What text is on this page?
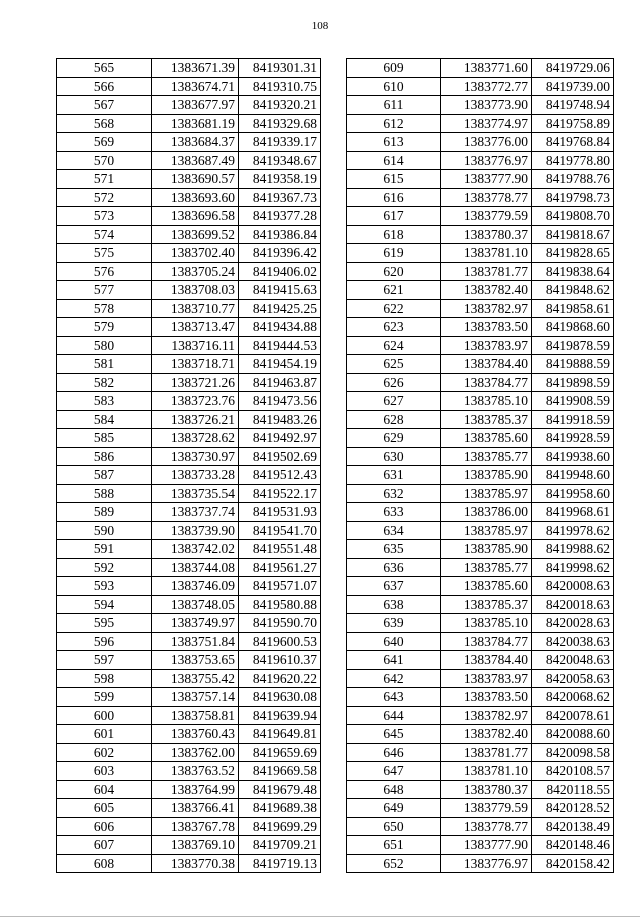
108
565	1383671.39	8419301.31
566	1383674.71	8419310.75
567	1383677.97	8419320.21
568	1383681.19	8419329.68
569	1383684.37	8419339.17
570	1383687.49	8419348.67
571	1383690.57	8419358.19
572	1383693.60	8419367.73
573	1383696.58	8419377.28
574	1383699.52	8419386.84
575	1383702.40	8419396.42
576	1383705.24	8419406.02
577	1383708.03	8419415.63
578	1383710.77	8419425.25
579	1383713.47	8419434.88
580	1383716.11	8419444.53
581	1383718.71	8419454.19
582	1383721.26	8419463.87
583	1383723.76	8419473.56
584	1383726.21	8419483.26
585	1383728.62	8419492.97
586	1383730.97	8419502.69
587	1383733.28	8419512.43
588	1383735.54	8419522.17
589	1383737.74	8419531.93
590	1383739.90	8419541.70
591	1383742.02	8419551.48
592	1383744.08	8419561.27
593	1383746.09	8419571.07
594	1383748.05	8419580.88
595	1383749.97	8419590.70
596	1383751.84	8419600.53
597	1383753.65	8419610.37
598	1383755.42	8419620.22
599	1383757.14	8419630.08
600	1383758.81	8419639.94
601	1383760.43	8419649.81
602	1383762.00	8419659.69
603	1383763.52	8419669.58
604	1383764.99	8419679.48
605	1383766.41	8419689.38
606	1383767.78	8419699.29
607	1383769.10	8419709.21
608	1383770.38	8419719.13
609	1383771.60	8419729.06
610	1383772.77	8419739.00
611	1383773.90	8419748.94
612	1383774.97	8419758.89
613	1383776.00	8419768.84
614	1383776.97	8419778.80
615	1383777.90	8419788.76
616	1383778.77	8419798.73
617	1383779.59	8419808.70
618	1383780.37	8419818.67
619	1383781.10	8419828.65
620	1383781.77	8419838.64
621	1383782.40	8419848.62
622	1383782.97	8419858.61
623	1383783.50	8419868.60
624	1383783.97	8419878.59
625	1383784.40	8419888.59
626	1383784.77	8419898.59
627	1383785.10	8419908.59
628	1383785.37	8419918.59
629	1383785.60	8419928.59
630	1383785.77	8419938.60
631	1383785.90	8419948.60
632	1383785.97	8419958.60
633	1383786.00	8419968.61
634	1383785.97	8419978.62
635	1383785.90	8419988.62
636	1383785.77	8419998.62
637	1383785.60	8420008.63
638	1383785.37	8420018.63
639	1383785.10	8420028.63
640	1383784.77	8420038.63
641	1383784.40	8420048.63
642	1383783.97	8420058.63
643	1383783.50	8420068.62
644	1383782.97	8420078.61
645	1383782.40	8420088.60
646	1383781.77	8420098.58
647	1383781.10	8420108.57
648	1383780.37	8420118.55
649	1383779.59	8420128.52
650	1383778.77	8420138.49
651	1383777.90	8420148.46
652	1383776.97	8420158.42
